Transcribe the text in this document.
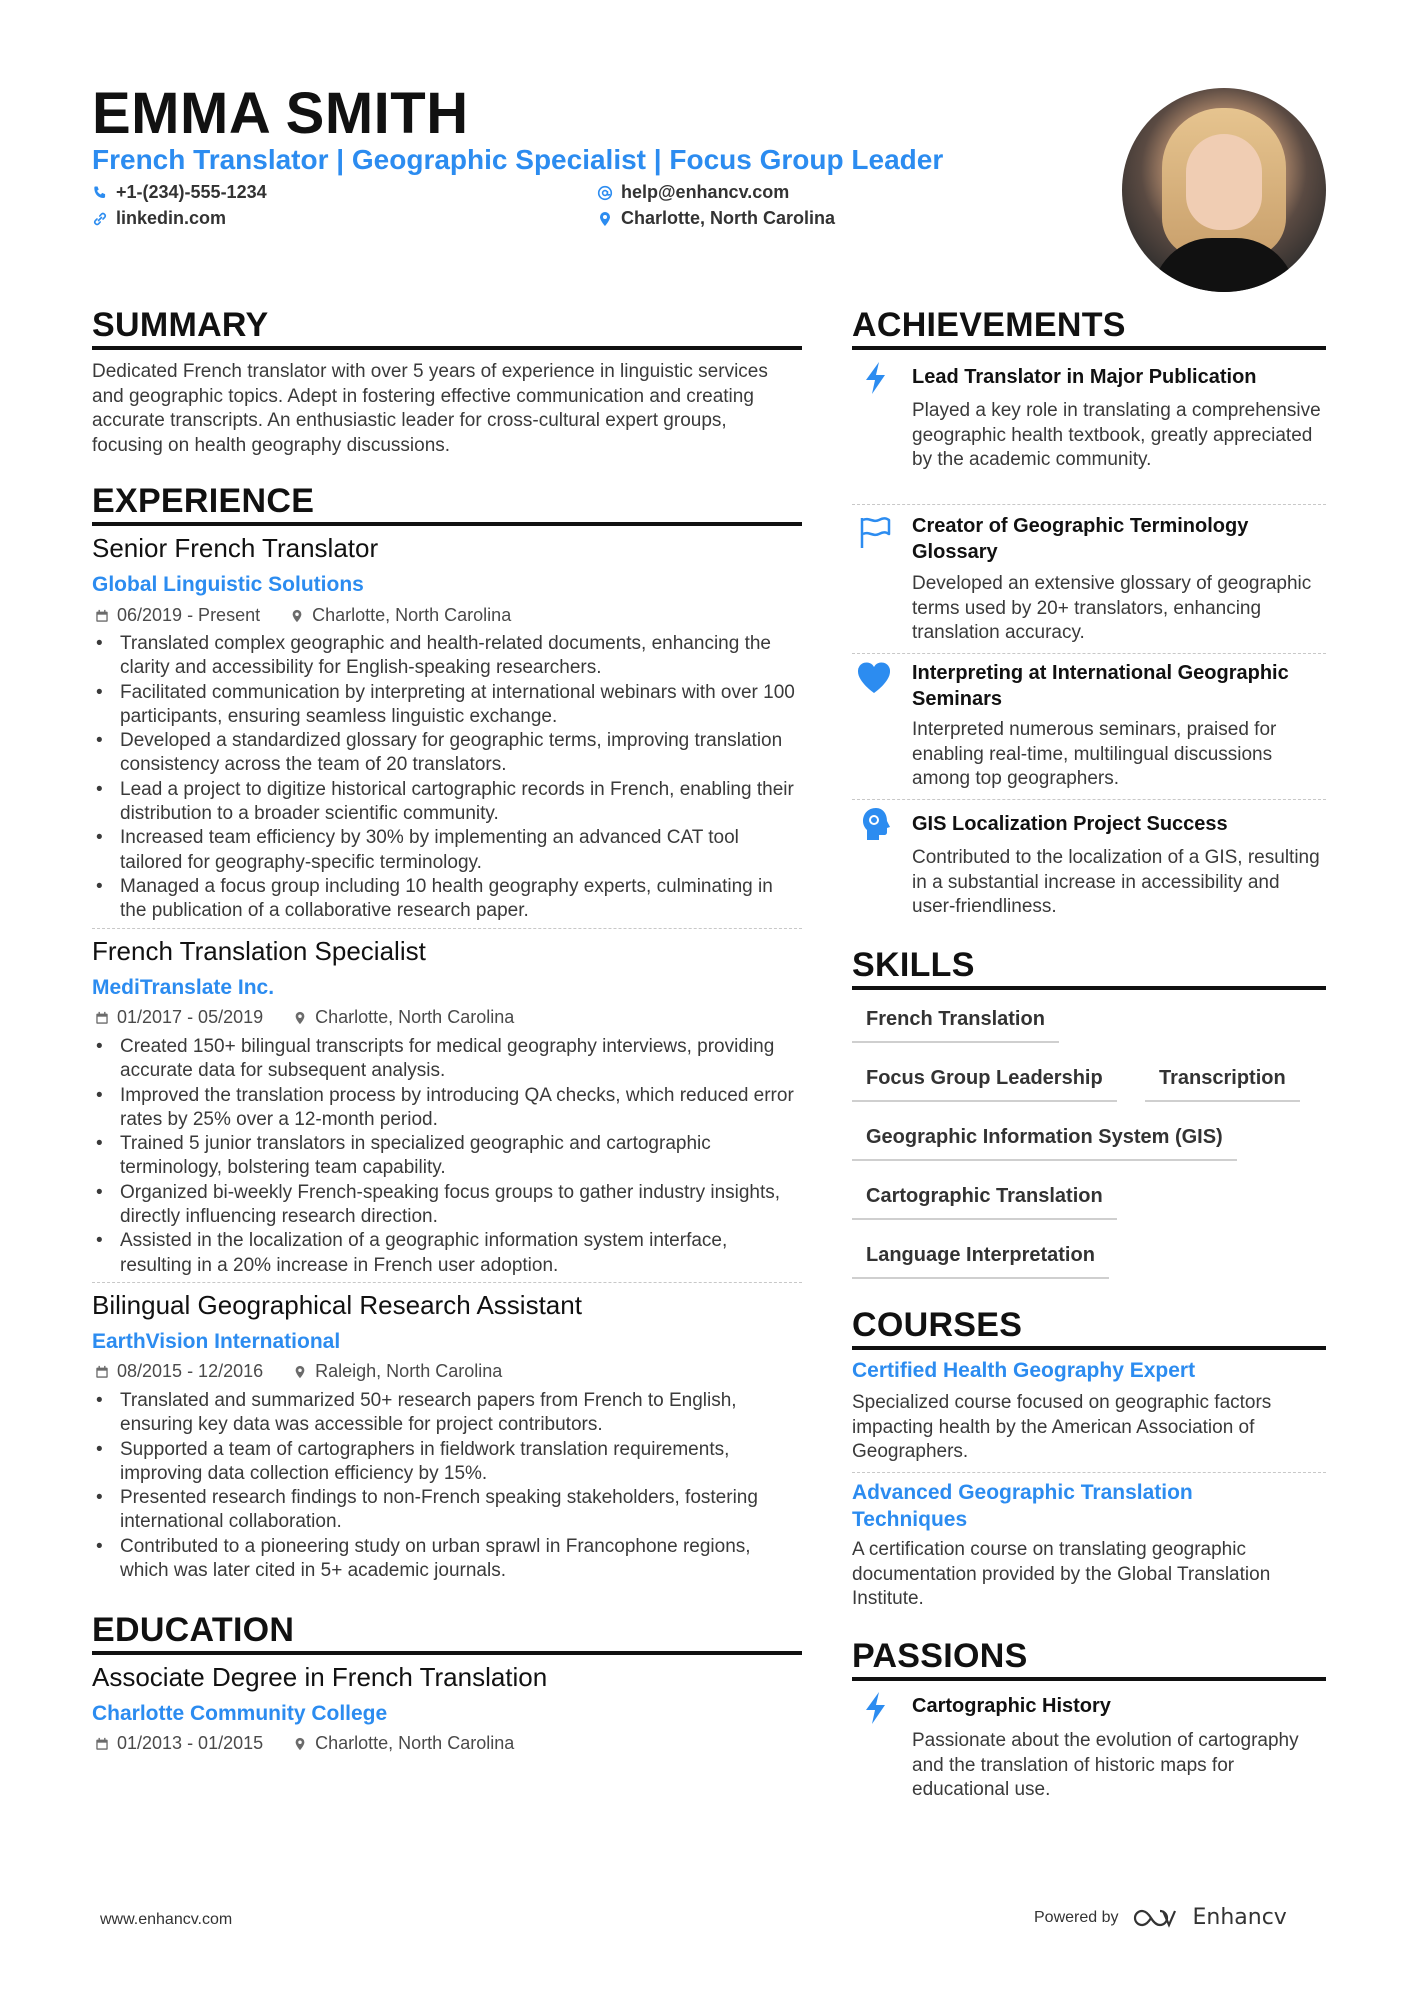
EMMA SMITH
French Translator | Geographic Specialist | Focus Group Leader
+1-(234)-555-1234	help@enhancv.com
linkedin.com	Charlotte, North Carolina
SUMMARY
Dedicated French translator with over 5 years of experience in linguistic services and geographic topics. Adept in fostering effective communication and creating accurate transcripts. An enthusiastic leader for cross-cultural expert groups, focusing on health geography discussions.
EXPERIENCE
Senior French Translator
Global Linguistic Solutions
06/2019 - Present	Charlotte, North Carolina
• Translated complex geographic and health-related documents, enhancing the clarity and accessibility for English-speaking researchers.
• Facilitated communication by interpreting at international webinars with over 100 participants, ensuring seamless linguistic exchange.
• Developed a standardized glossary for geographic terms, improving translation consistency across the team of 20 translators.
• Lead a project to digitize historical cartographic records in French, enabling their distribution to a broader scientific community.
• Increased team efficiency by 30% by implementing an advanced CAT tool tailored for geography-specific terminology.
• Managed a focus group including 10 health geography experts, culminating in the publication of a collaborative research paper.
French Translation Specialist
MediTranslate Inc.
01/2017 - 05/2019	Charlotte, North Carolina
• Created 150+ bilingual transcripts for medical geography interviews, providing accurate data for subsequent analysis.
• Improved the translation process by introducing QA checks, which reduced error rates by 25% over a 12-month period.
• Trained 5 junior translators in specialized geographic and cartographic terminology, bolstering team capability.
• Organized bi-weekly French-speaking focus groups to gather industry insights, directly influencing research direction.
• Assisted in the localization of a geographic information system interface, resulting in a 20% increase in French user adoption.
Bilingual Geographical Research Assistant
EarthVision International
08/2015 - 12/2016	Raleigh, North Carolina
• Translated and summarized 50+ research papers from French to English, ensuring key data was accessible for project contributors.
• Supported a team of cartographers in fieldwork translation requirements, improving data collection efficiency by 15%.
• Presented research findings to non-French speaking stakeholders, fostering international collaboration.
• Contributed to a pioneering study on urban sprawl in Francophone regions, which was later cited in 5+ academic journals.
EDUCATION
Associate Degree in French Translation
Charlotte Community College
01/2013 - 01/2015	Charlotte, North Carolina
ACHIEVEMENTS
Lead Translator in Major Publication
Played a key role in translating a comprehensive geographic health textbook, greatly appreciated by the academic community.
Creator of Geographic Terminology Glossary
Developed an extensive glossary of geographic terms used by 20+ translators, enhancing translation accuracy.
Interpreting at International Geographic Seminars
Interpreted numerous seminars, praised for enabling real-time, multilingual discussions among top geographers.
GIS Localization Project Success
Contributed to the localization of a GIS, resulting in a substantial increase in accessibility and user-friendliness.
SKILLS
French Translation
Focus Group Leadership	Transcription
Geographic Information System (GIS)
Cartographic Translation
Language Interpretation
COURSES
Certified Health Geography Expert
Specialized course focused on geographic factors impacting health by the American Association of Geographers.
Advanced Geographic Translation Techniques
A certification course on translating geographic documentation provided by the Global Translation Institute.
PASSIONS
Cartographic History
Passionate about the evolution of cartography and the translation of historic maps for educational use.
www.enhancv.com	Powered by	Enhancv
